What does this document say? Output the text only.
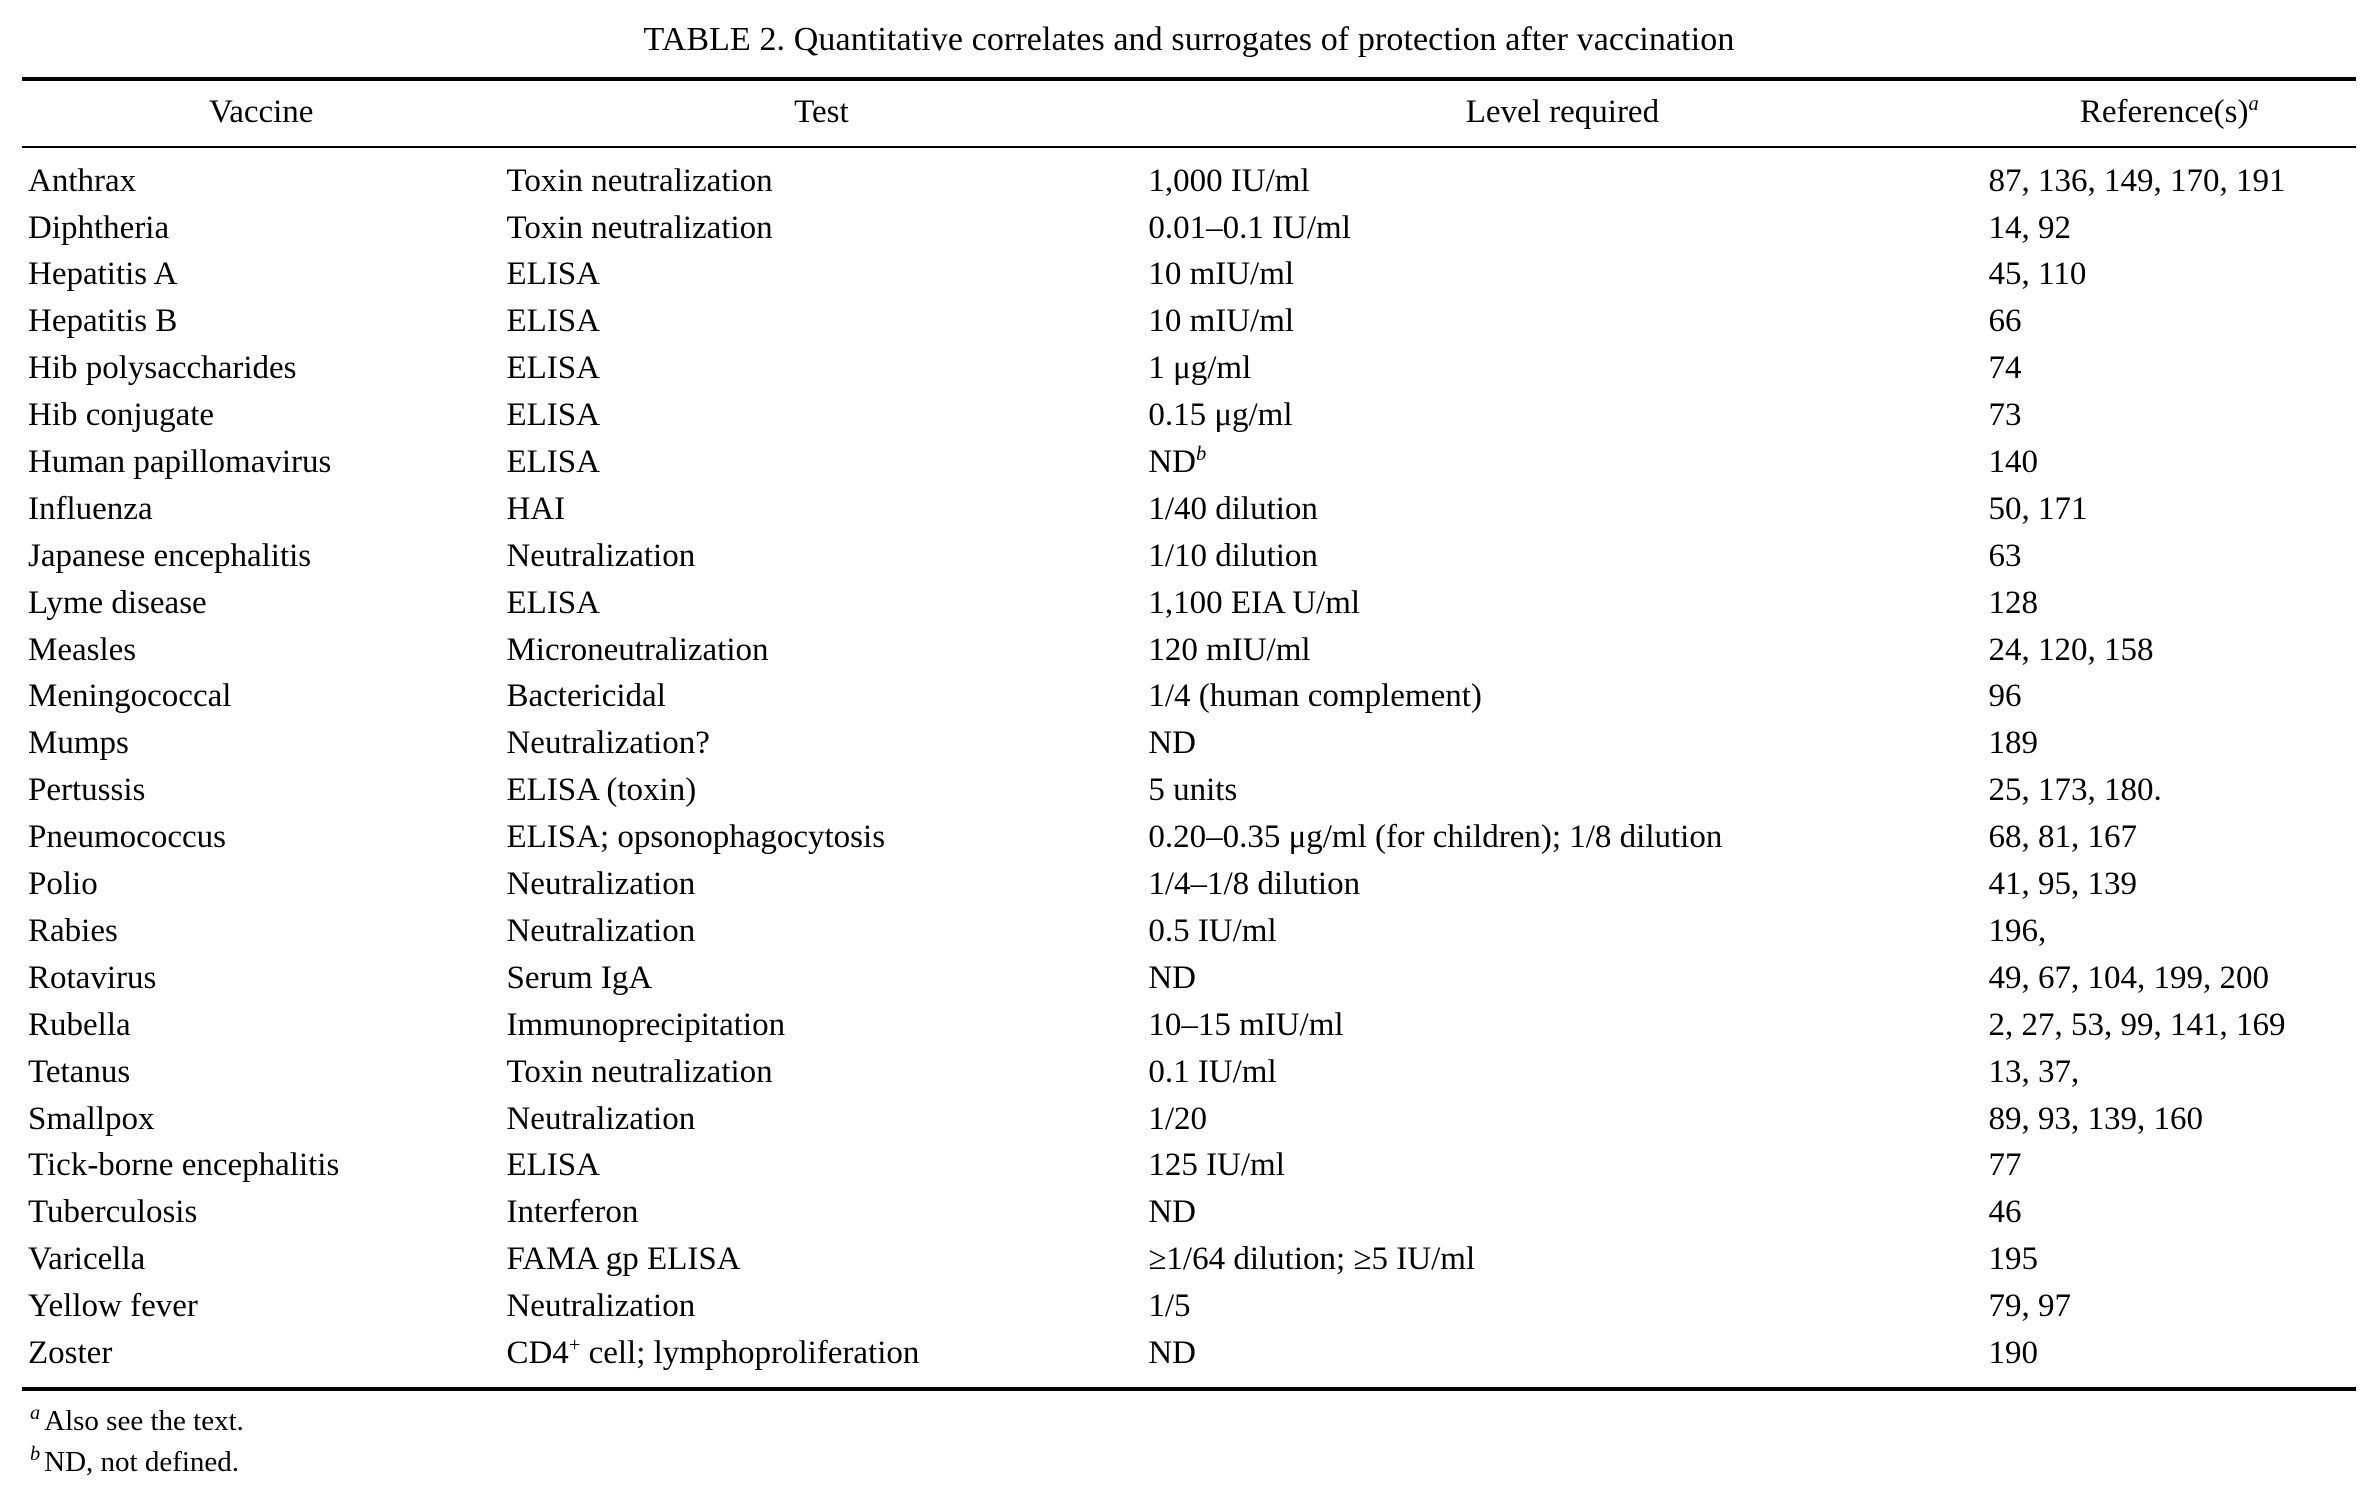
TABLE 2. Quantitative correlates and surrogates of protection after vaccination
Vaccine	Test	Level required	$Reference(s)^a$
Anthrax	Toxin neutralization	1,000 IU/ml	87, 136, 149, 170, 191
Diphtheria	Toxin neutralization	0.01–0.1 IU/ml	14, 92
Hepatitis A	ELISA	10 mIU/ml	45, 110
Hepatitis B	ELISA	10 mIU/ml	66
Hib polysaccharides	ELISA	1 μg/ml	74
Hib conjugate	ELISA	0.15 μg/ml	73
Human papillomavirus	ELISA	$ND^b$	140
Influenza	HAI	1/40 dilution	50, 171
Japanese encephalitis	Neutralization	1/10 dilution	63
Lyme disease	ELISA	1,100 EIA U/ml	128
Measles	Microneutralization	120 mIU/ml	24, 120, 158
Meningococcal	Bactericidal	1/4 (human complement)	96
Mumps	Neutralization?	ND	189
Pertussis	ELISA (toxin)	5 units	25, 173, 180.
Pneumococcus	ELISA; opsonophagocytosis	0.20–0.35 μg/ml (for children); 1/8 dilution	68, 81, 167
Polio	Neutralization	1/4–1/8 dilution	41, 95, 139
Rabies	Neutralization	0.5 IU/ml	196,
Rotavirus	Serum IgA	ND	49, 67, 104, 199, 200
Rubella	Immunoprecipitation	10–15 mIU/ml	2, 27, 53, 99, 141, 169
Tetanus	Toxin neutralization	0.1 IU/ml	13, 37,
Smallpox	Neutralization	1/20	89, 93, 139, 160
Tick-borne encephalitis	ELISA	125 IU/ml	77
Tuberculosis	Interferon	ND	46
Varicella	FAMA gp ELISA	≥1/64 dilution; ≥5 IU/ml	195
Yellow fever	Neutralization	1/5	79, 97
Zoster	CD4+ cell; lymphoproliferation	ND	190
$^a$ Also see the text.
$^b$ ND, not defined.
